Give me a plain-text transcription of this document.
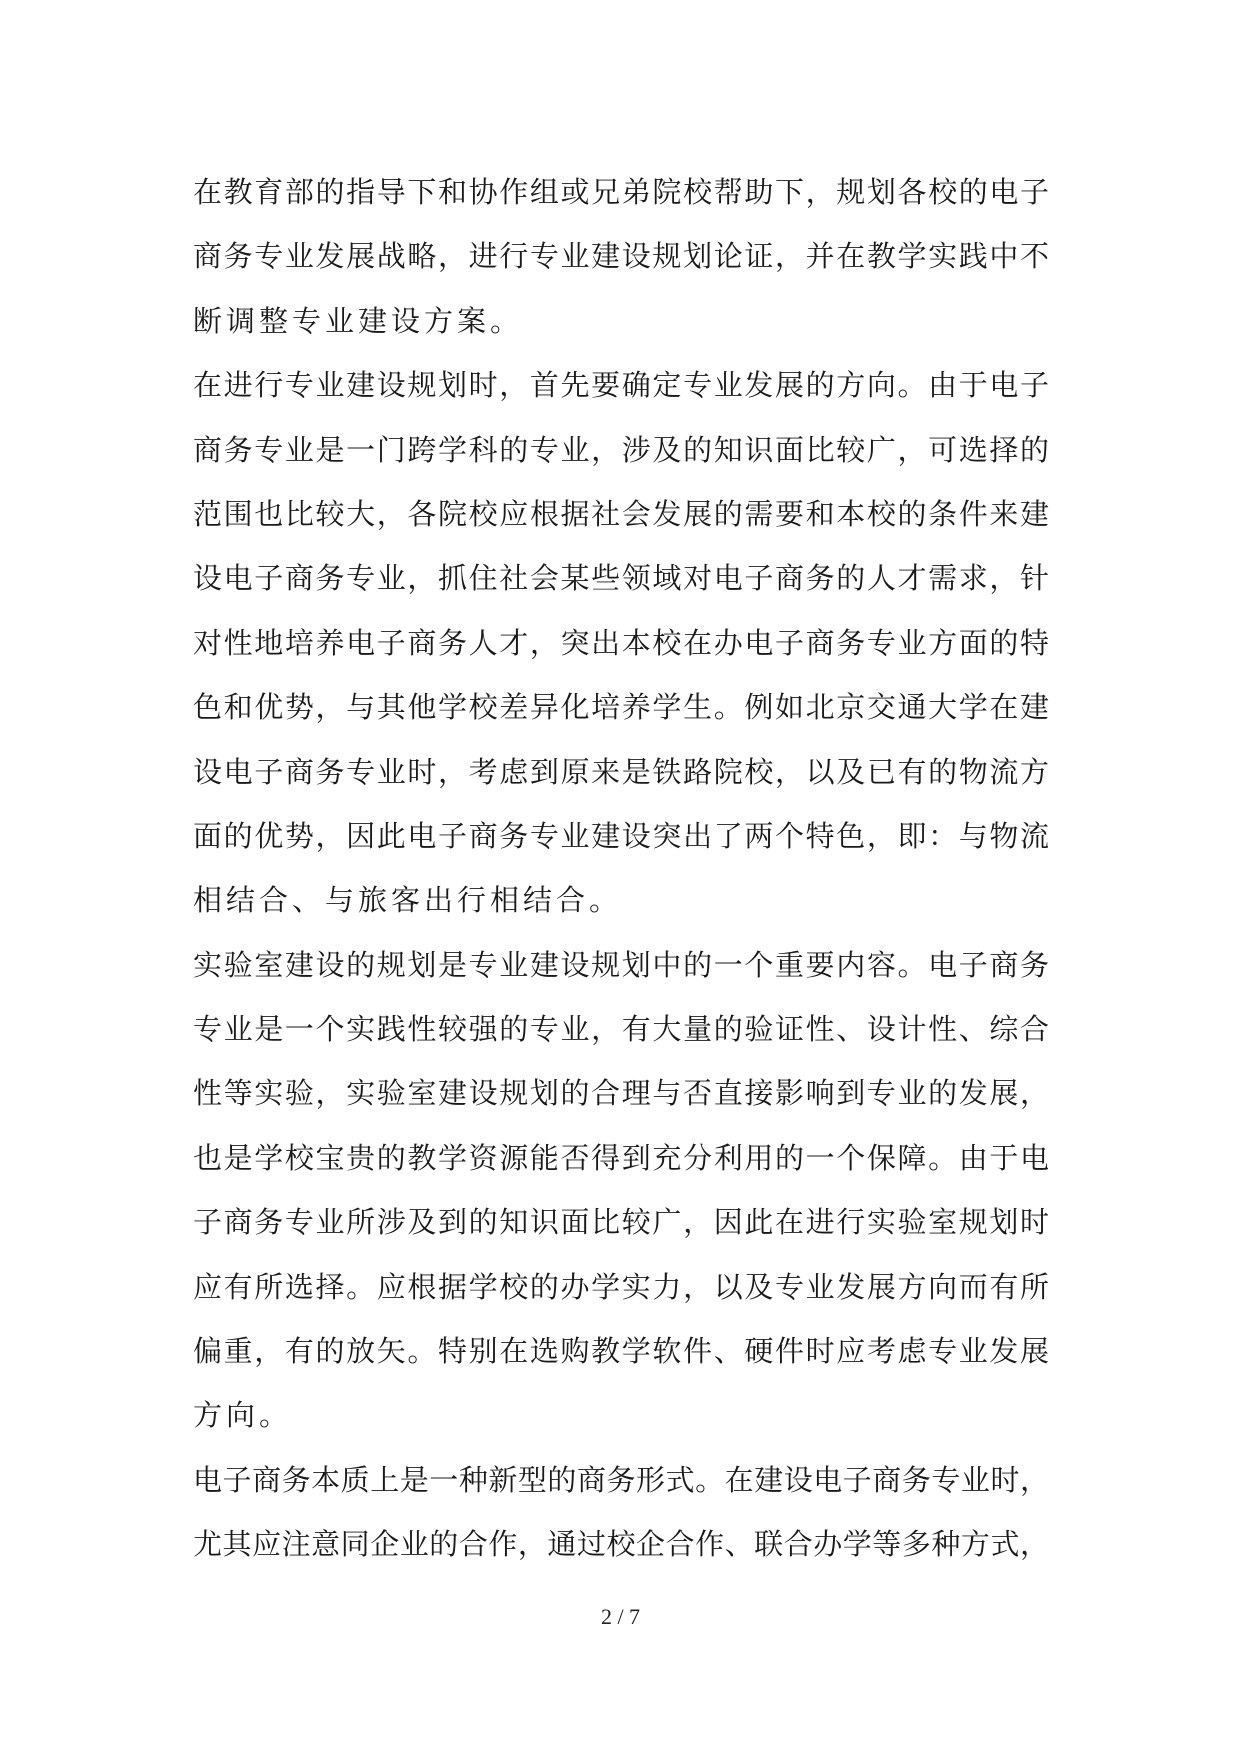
在教育部的指导下和协作组或兄弟院校帮助下，规划各校的电子
商务专业发展战略，进行专业建设规划论证，并在教学实践中不
断调整专业建设方案。
在进行专业建设规划时，首先要确定专业发展的方向。由于电子
商务专业是一门跨学科的专业，涉及的知识面比较广，可选择的
范围也比较大，各院校应根据社会发展的需要和本校的条件来建
设电子商务专业，抓住社会某些领域对电子商务的人才需求，针
对性地培养电子商务人才，突出本校在办电子商务专业方面的特
色和优势，与其他学校差异化培养学生。例如北京交通大学在建
设电子商务专业时，考虑到原来是铁路院校，以及已有的物流方
面的优势，因此电子商务专业建设突出了两个特色，即：与物流
相结合、与旅客出行相结合。
实验室建设的规划是专业建设规划中的一个重要内容。电子商务
专业是一个实践性较强的专业，有大量的验证性、设计性、综合
性等实验，实验室建设规划的合理与否直接影响到专业的发展，
也是学校宝贵的教学资源能否得到充分利用的一个保障。由于电
子商务专业所涉及到的知识面比较广，因此在进行实验室规划时
应有所选择。应根据学校的办学实力，以及专业发展方向而有所
偏重，有的放矢。特别在选购教学软件、硬件时应考虑专业发展
方向。
电子商务本质上是一种新型的商务形式。在建设电子商务专业时，
尤其应注意同企业的合作，通过校企合作、联合办学等多种方式，
2 / 7
